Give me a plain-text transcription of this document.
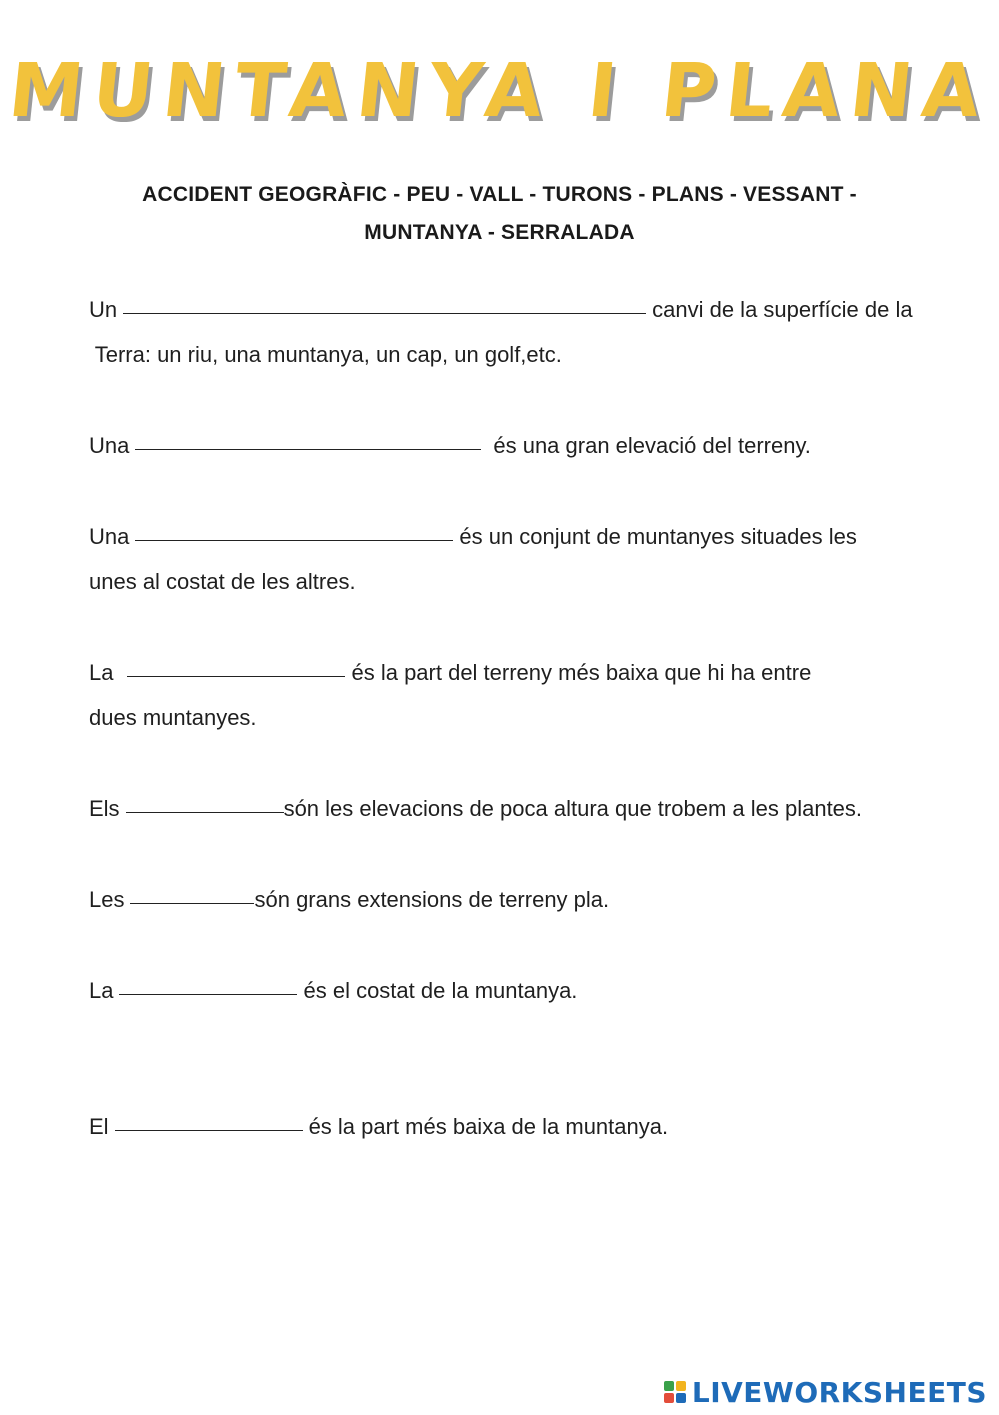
MUNTANYA I PLANA
ACCIDENT GEOGRÀFIC - PEU - VALL - TURONS - PLANS - VESSANT -
MUNTANYA - SERRALADA
Un	canvi de la superfície de la
Terra: un riu, una muntanya, un cap, un golf,etc.
Una	és una gran elevació del terreny.
Una	és un conjunt de muntanyes situades les
unes al costat de les altres.
La	és la part del terreny més baixa que hi ha entre
dues muntanyes.
Els	són les elevacions de poca altura que trobem a les plantes.
Les	són grans extensions de terreny pla.
La	és el costat de la muntanya.
El	és la part més baixa de la muntanya.
LIVEWORKSHEETS
